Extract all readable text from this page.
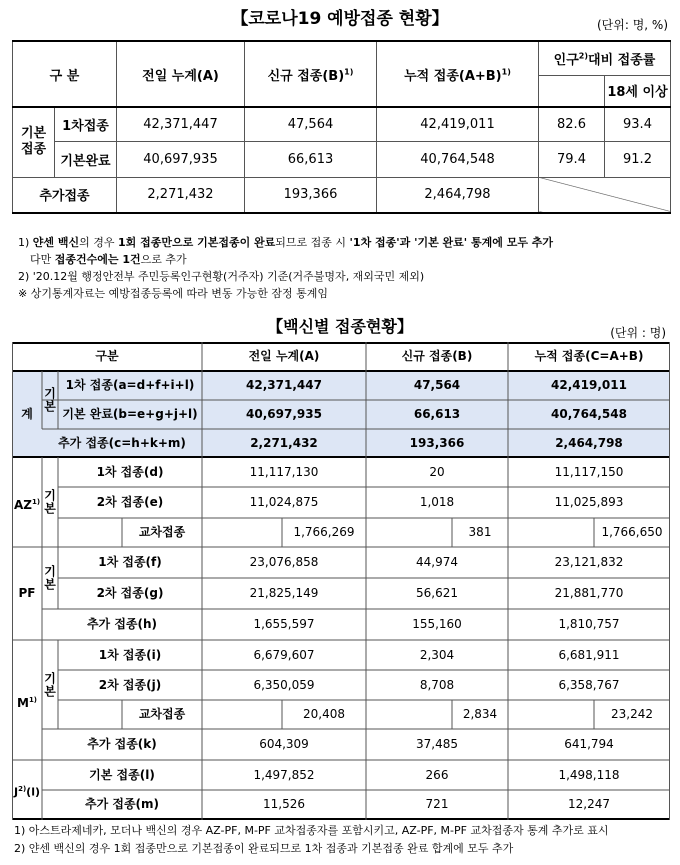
【코로나19 예방접종 현황】	(단위: 명, %)
구 분		전일 누계(A)	신규 접종$(B)^{1)}$	누적 접종$(A+B)^{1)}$	인구$^{2)}$대비 접종률	
						18세 이상
기본
접종	1차접종	42,371,447	47,564	42,419,011	82.6	93.4
	기본완료	40,697,935	66,613	40,764,548	79.4	91.2
추가접종		2,271,432	193,366	2,464,798		
1) 얀센 백신의 경우 1회 접종만으로 기본접종이 완료되므로 접종 시 '1차 접종'과 '기본 완료' 통계에 모두 추가
다만 접종건수에는 1건으로 추가
2) '20.12월 행정안전부 주민등록인구현황(거주자) 기준(거주불명자, 재외국민 제외)
※ 상기통계자료는 예방접종등록에 따라 변동 가능한 잠정 통계임
【백신별 접종현황】	(단위 : 명)
구분	전일 누계(A)	신규 접종(B)	누적 접종(C=A+B)
계
기본
1차 접종(a=d+f+i+l)	42,371,447	47,564	42,419,011
기본 완료(b=e+g+j+l)	40,697,935	66,613	40,764,548
추가 접종(c=h+k+m)	2,271,432	193,366	2,464,798
AZ$^{1)}$ 기본
1차 접종(d)	11,117,130	20	11,117,150
2차 접종(e)	11,024,875	1,018	11,025,893
교차접종	1,766,269	381	1,766,650
PF
기본
1차 접종(f)	23,076,858	44,974	23,121,832
2차 접종(g)	21,825,149	56,621	21,881,770
추가 접종(h)	1,655,597	155,160	1,810,757
$M^{1)}$
기본
1차 접종(i)	6,679,607	2,304	6,681,911
2차 접종(j)	6,350,059	8,708	6,358,767
교차접종	20,408	2,834	23,242
추가 접종(k)	604,309	37,485	641,794
$J^{2)}(l)$
기본 접종(l)	1,497,852	266	1,498,118
추가 접종(m)	11,526	721	12,247
1) 아스트라제네카, 모더나 백신의 경우 AZ-PF, M-PF 교차접종자를 포함시키고, AZ-PF, M-PF 교차접종자 통계 추가로 표시
2) 얀센 백신의 경우 1회 접종만으로 기본접종이 완료되므로 1차 접종과 기본접종 완료 합계에 모두 추가
